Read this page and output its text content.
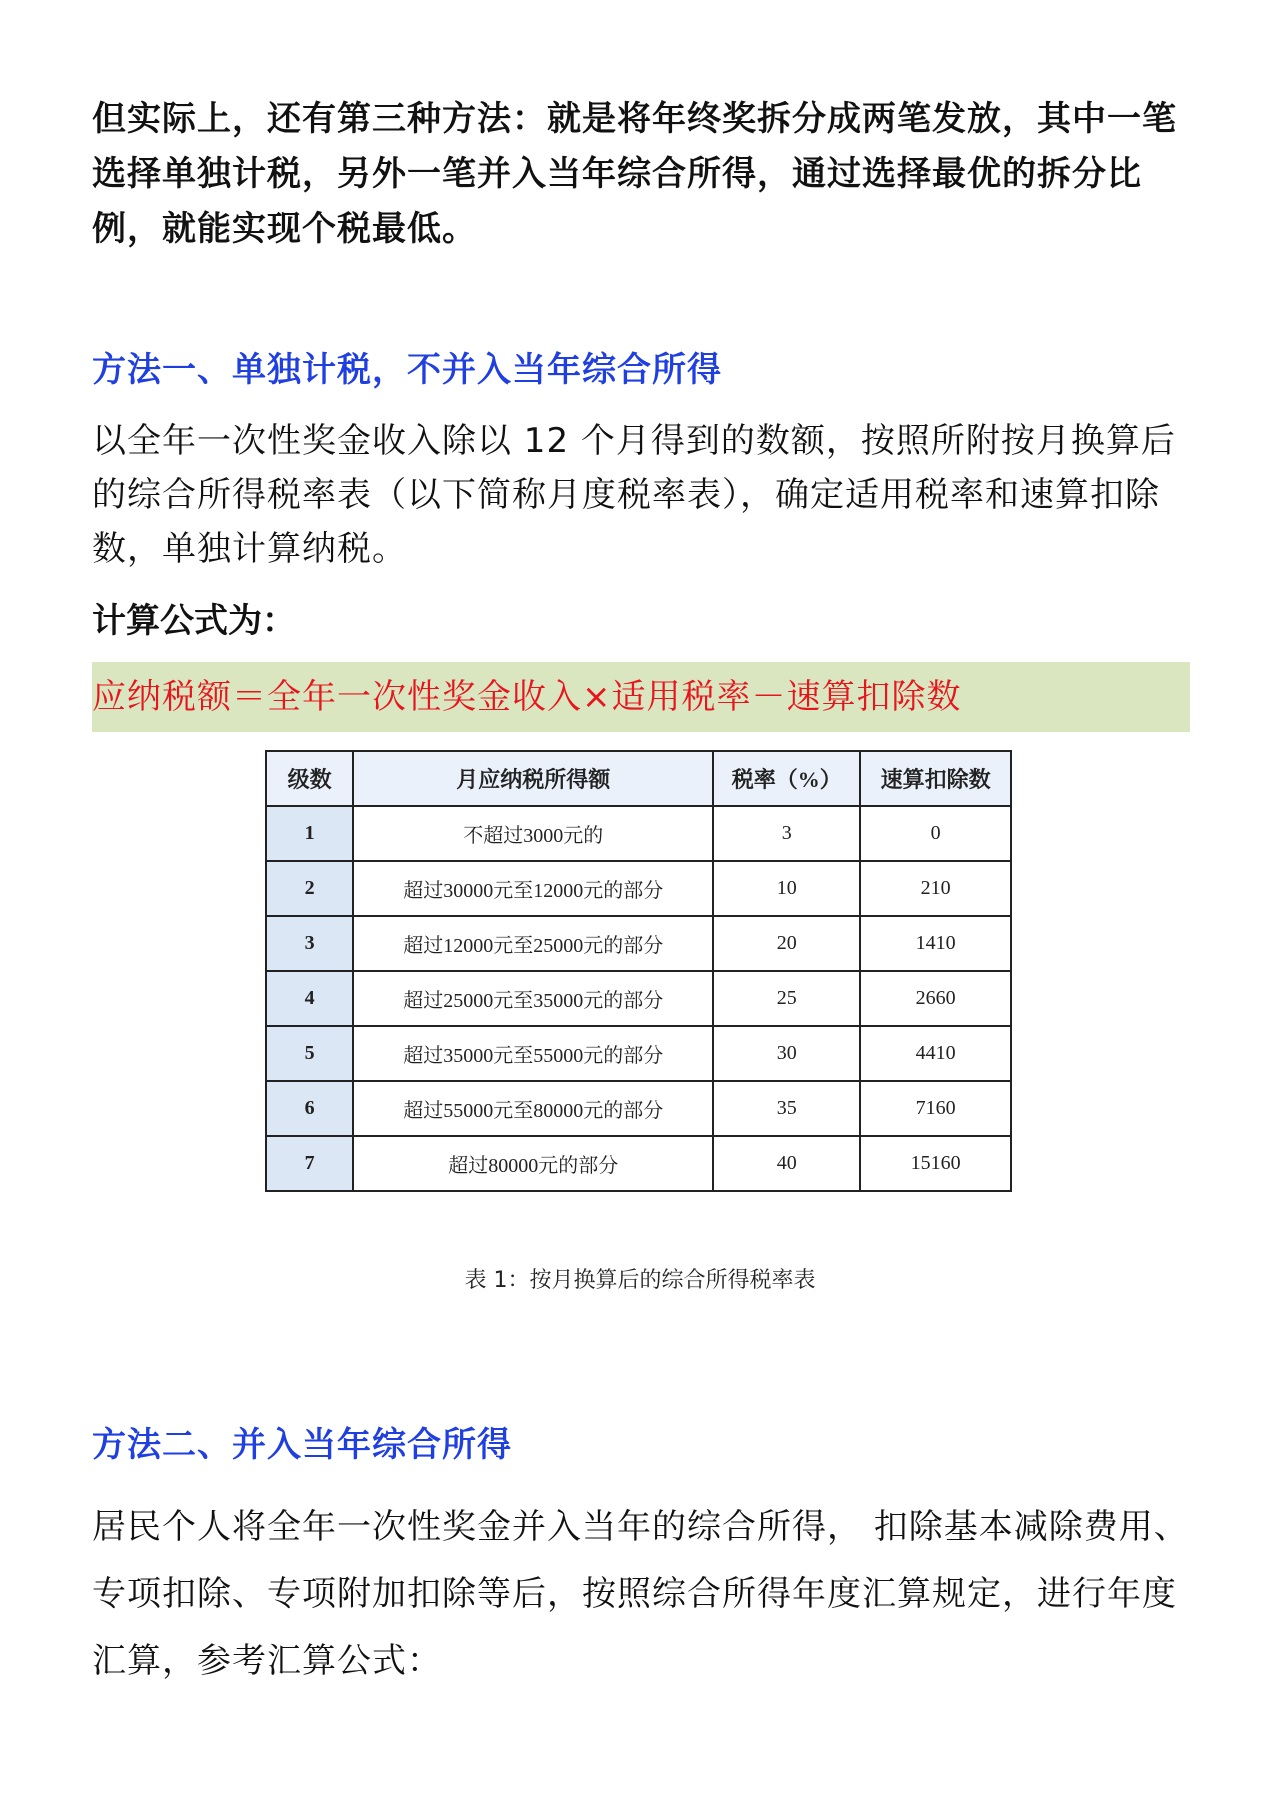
但实际上，还有第三种方法：就是将年终奖拆分成两笔发放，其中一笔选择单独计税，另外一笔并入当年综合所得，通过选择最优的拆分比例，就能实现个税最低。

方法一、单独计税，不并入当年综合所得

以全年一次性奖金收入除以 12 个月得到的数额，按照所附按月换算后的综合所得税率表（以下简称月度税率表），确定适用税率和速算扣除数，单独计算纳税。

计算公式为：

应纳税额＝全年一次性奖金收入×适用税率－速算扣除数
级数	月应纳税所得额	税率（%）	速算扣除数
1	不超过3000元的	3	0
2	超过30000元至12000元的部分	10	210
3	超过12000元至25000元的部分	20	1410
4	超过25000元至35000元的部分	25	2660
5	超过35000元至55000元的部分	30	4410
6	超过55000元至80000元的部分	35	7160
7	超过80000元的部分	40	15160

表 1：按月换算后的综合所得税率表

方法二、并入当年综合所得

居民个人将全年一次性奖金并入当年的综合所得， 扣除基本减除费用、专项扣除、专项附加扣除等后，按照综合所得年度汇算规定，进行年度汇算，参考汇算公式：
